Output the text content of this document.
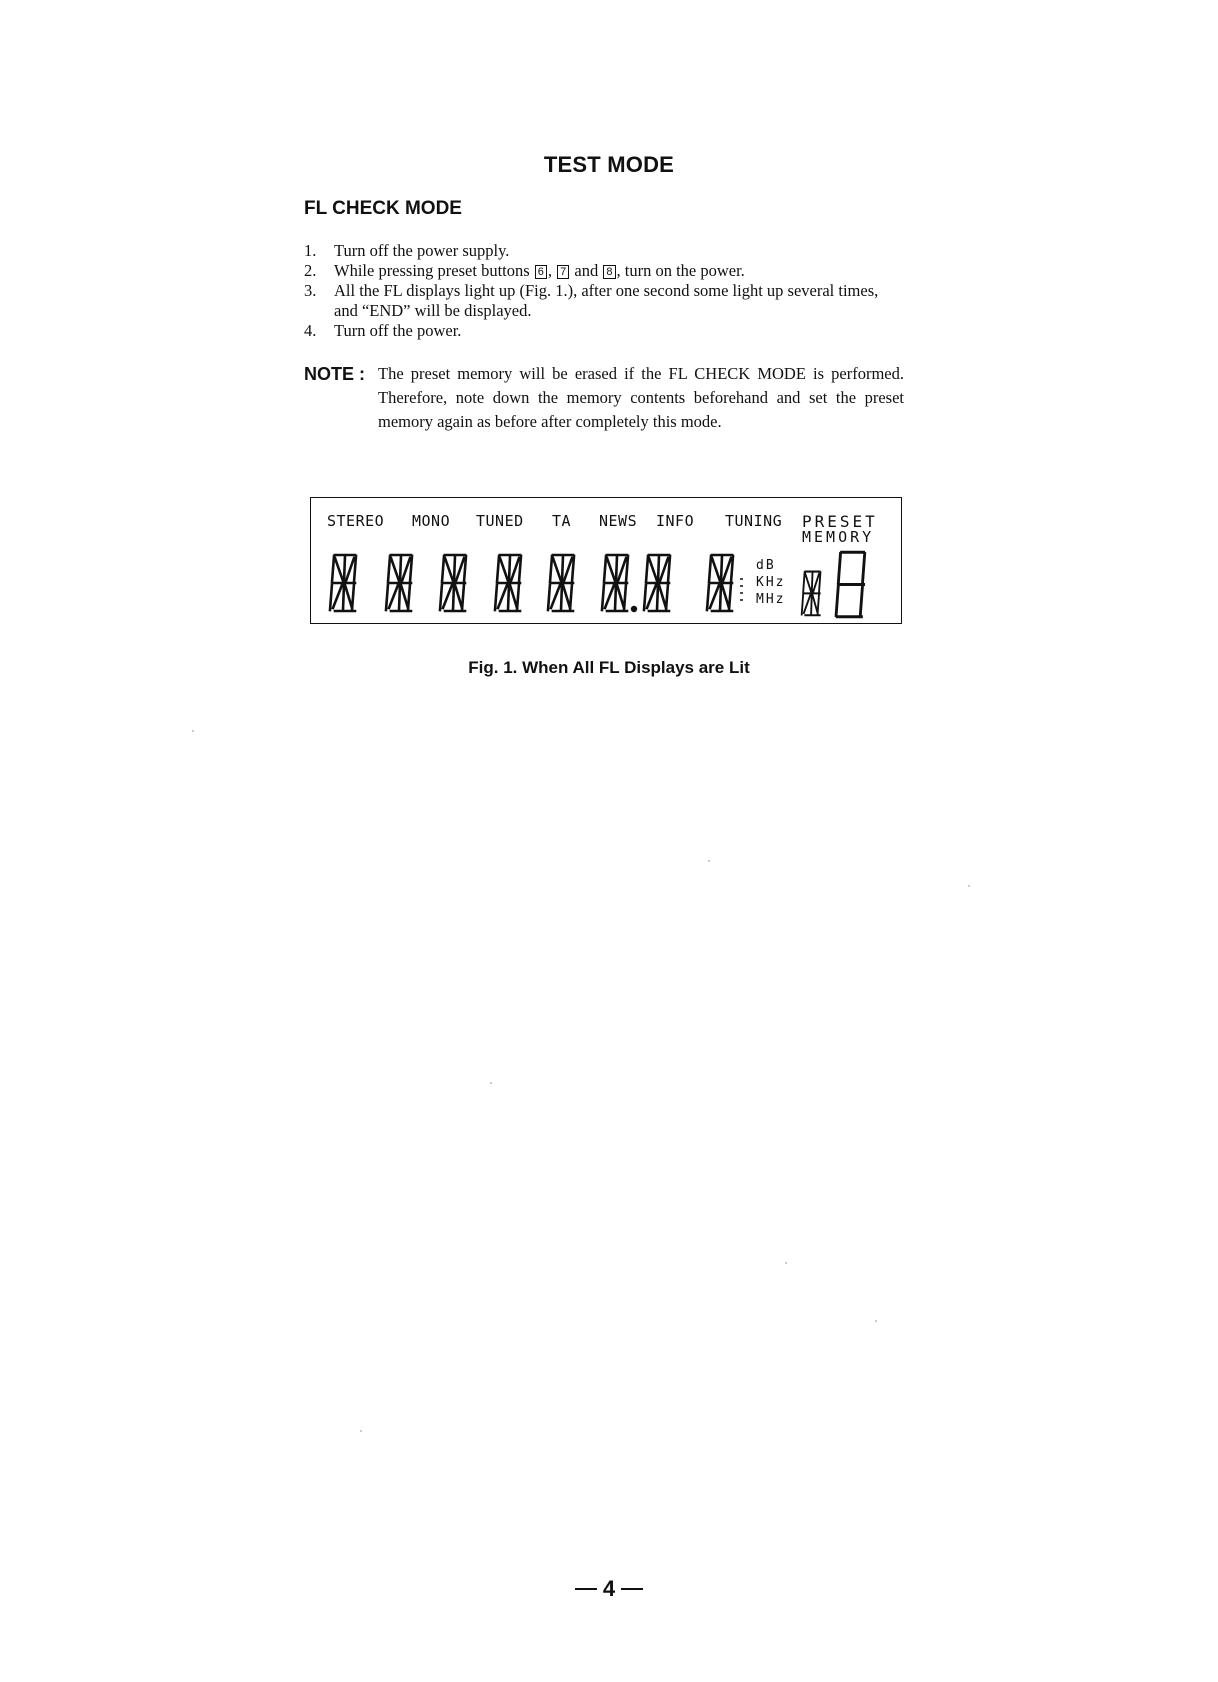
TEST MODE
FL CHECK MODE
1.	Turn off the power supply.
2.	While pressing preset buttons 6 , 7 and 8 , turn on the power.
3.	All the FL displays light up (Fig. 1.), after one second some light up several times, and “END” will be displayed.
4.	Turn off the power.
NOTE : The preset memory will be erased if the FL CHECK MODE is performed. Therefore, note down the memory contents beforehand and set the preset memory again as before after completely this mode.
STEREO MONO TUNED TA NEWS INFO TUNING PRESET
MEMORY
dB
KHz
MHz
Fig. 1. When All FL Displays are Lit
4
